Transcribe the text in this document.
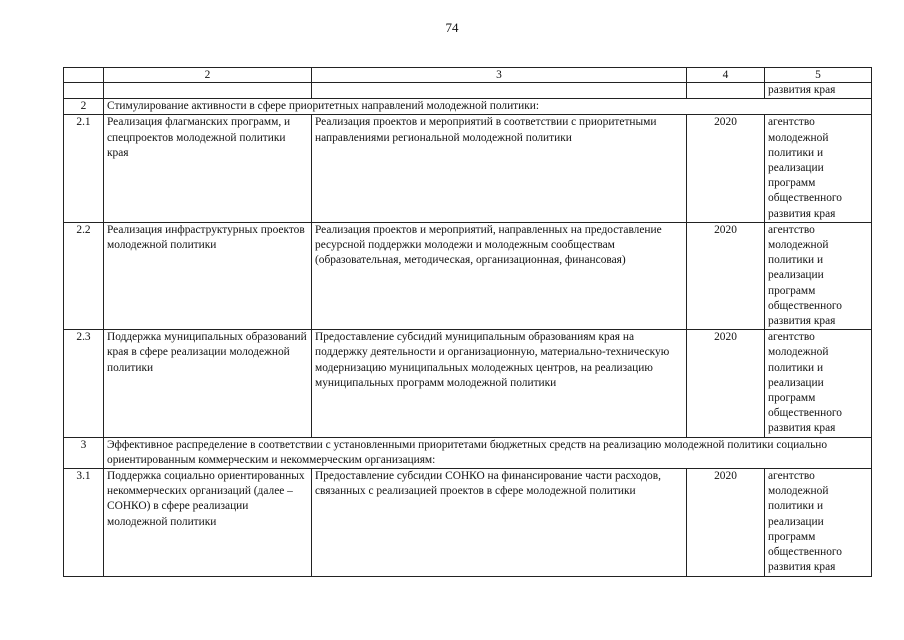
74
	2	3	4	5
				развития края
2	Стимулирование активности в сфере приоритетных направлений молодежной политики:			
2.1	Реализация флагманских программ, и спецпроектов молодежной политики края	Реализация проектов и мероприятий в соответствии с приоритетными направлениями региональной молодежной политики	2020	агентство молодежной политики и реализации программ общественного развития края
2.2	Реализация инфраструктурных проектов молодежной политики	Реализация проектов и мероприятий, направленных на предоставление ресурсной поддержки молодежи и молодежным сообществам (образовательная, методическая, организационная, финансовая)	2020	агентство молодежной политики и реализации программ общественного развития края
2.3	Поддержка муниципальных образований края в сфере реализации молодежной политики	Предоставление субсидий муниципальным образованиям края на поддержку деятельности и организационную, материально-техническую модернизацию муниципальных молодежных центров, на реализацию муниципальных программ молодежной политики	2020	агентство молодежной политики и реализации программ общественного развития края
3	Эффективное распределение в соответствии с установленными приоритетами бюджетных средств на реализацию молодежной политики социально ориентированным коммерческим и некоммерческим организациям:			
3.1	Поддержка социально ориентированных некоммерческих организаций (далее – СОНКО) в сфере реализации молодежной политики	Предоставление субсидии СОНКО на финансирование части расходов, связанных с реализацией проектов в сфере молодежной политики	2020	агентство молодежной политики и реализации программ общественного развития края
